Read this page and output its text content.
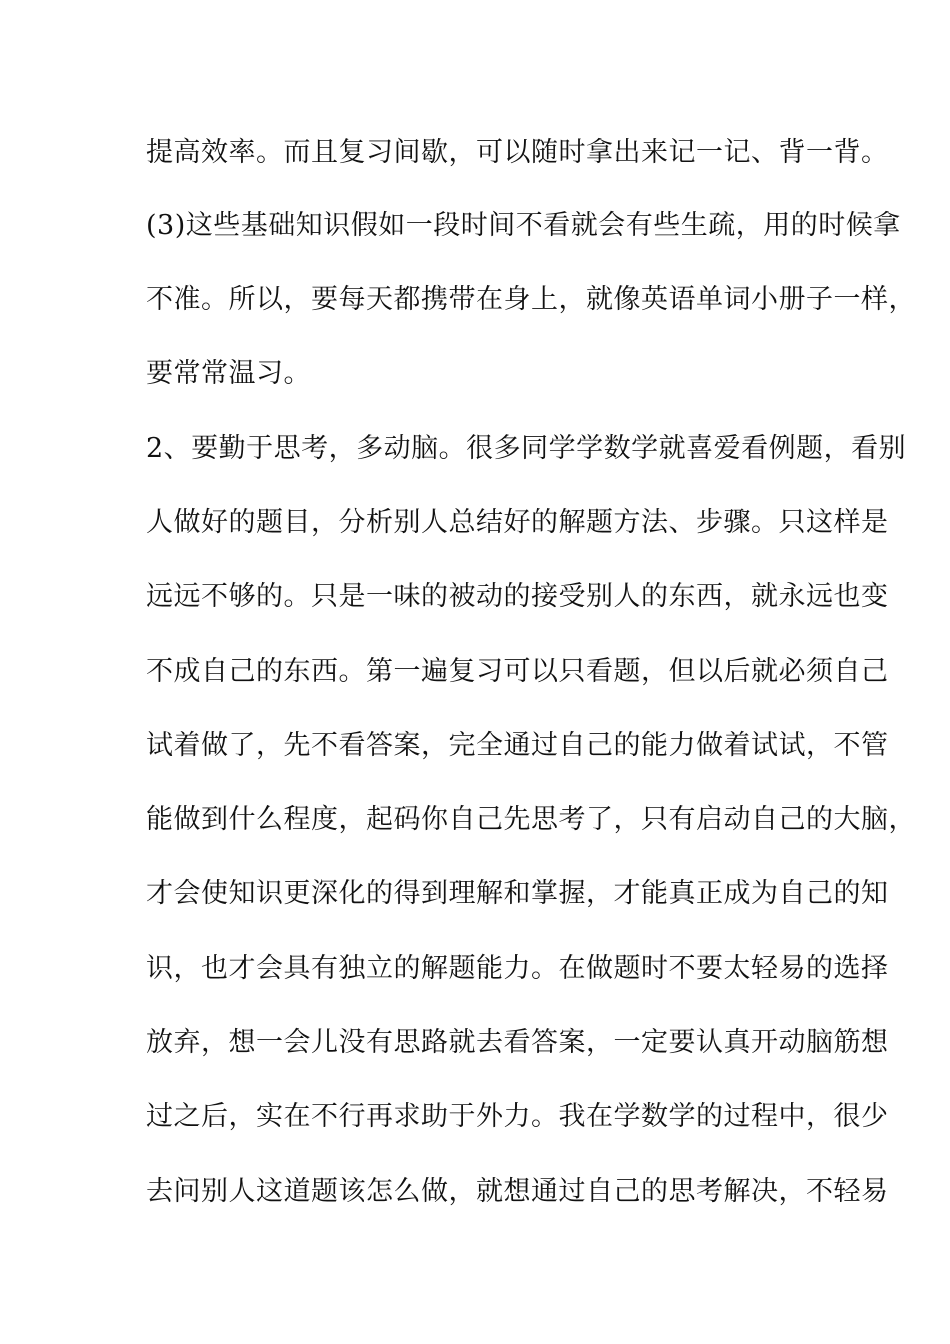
提高效率。而且复习间歇，可以随时拿出来记一记、背一背。
(3)这些基础知识假如一段时间不看就会有些生疏，用的时候拿
不准。所以，要每天都携带在身上，就像英语单词小册子一样，
要常常温习。
2、要勤于思考，多动脑。很多同学学数学就喜爱看例题，看别
人做好的题目，分析别人总结好的解题方法、步骤。只这样是
远远不够的。只是一味的被动的接受别人的东西，就永远也变
不成自己的东西。第一遍复习可以只看题，但以后就必须自己
试着做了，先不看答案，完全通过自己的能力做着试试，不管
能做到什么程度，起码你自己先思考了，只有启动自己的大脑，
才会使知识更深化的得到理解和掌握，才能真正成为自己的知
识，也才会具有独立的解题能力。在做题时不要太轻易的选择
放弃，想一会儿没有思路就去看答案，一定要认真开动脑筋想
过之后，实在不行再求助于外力。我在学数学的过程中，很少
去问别人这道题该怎么做，就想通过自己的思考解决，不轻易
